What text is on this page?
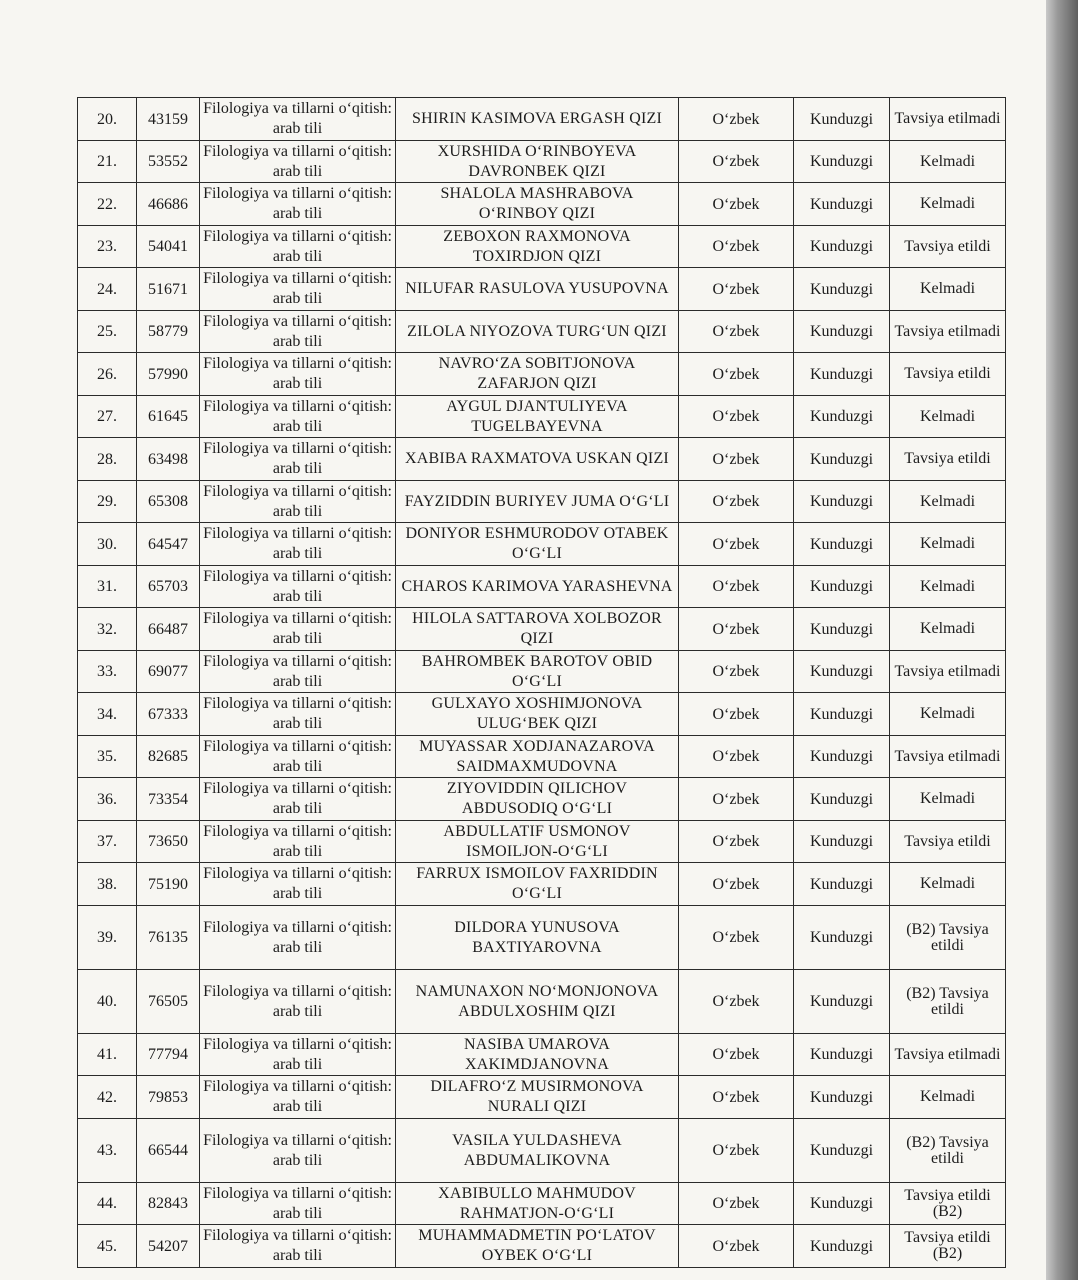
20.	43159	Filologiya va tillarni o‘qitish: arab tili	SHIRIN KASIMOVA ERGASH QIZI	O‘zbek	Kunduzgi	Tavsiya etilmadi
21.	53552	Filologiya va tillarni o‘qitish: arab tili	XURSHIDA O‘RINBOYEVA DAVRONBEK QIZI	O‘zbek	Kunduzgi	Kelmadi
22.	46686	Filologiya va tillarni o‘qitish: arab tili	SHALOLA MASHRABOVA O‘RINBOY QIZI	O‘zbek	Kunduzgi	Kelmadi
23.	54041	Filologiya va tillarni o‘qitish: arab tili	ZEBOXON RAXMONOVA TOXIRDJON QIZI	O‘zbek	Kunduzgi	Tavsiya etildi
24.	51671	Filologiya va tillarni o‘qitish: arab tili	NILUFAR RASULOVA YUSUPOVNA	O‘zbek	Kunduzgi	Kelmadi
25.	58779	Filologiya va tillarni o‘qitish: arab tili	ZILOLA NIYOZOVA TURG‘UN QIZI	O‘zbek	Kunduzgi	Tavsiya etilmadi
26.	57990	Filologiya va tillarni o‘qitish: arab tili	NAVRO‘ZA SOBITJONOVA ZAFARJON QIZI	O‘zbek	Kunduzgi	Tavsiya etildi
27.	61645	Filologiya va tillarni o‘qitish: arab tili	AYGUL DJANTULIYEVA TUGELBAYEVNA	O‘zbek	Kunduzgi	Kelmadi
28.	63498	Filologiya va tillarni o‘qitish: arab tili	XABIBA RAXMATOVA USKAN QIZI	O‘zbek	Kunduzgi	Tavsiya etildi
29.	65308	Filologiya va tillarni o‘qitish: arab tili	FAYZIDDIN BURIYEV JUMA O‘G‘LI	O‘zbek	Kunduzgi	Kelmadi
30.	64547	Filologiya va tillarni o‘qitish: arab tili	DONIYOR ESHMURODOV OTABEK O‘G‘LI	O‘zbek	Kunduzgi	Kelmadi
31.	65703	Filologiya va tillarni o‘qitish: arab tili	CHAROS KARIMOVA YARASHEVNA	O‘zbek	Kunduzgi	Kelmadi
32.	66487	Filologiya va tillarni o‘qitish: arab tili	HILOLA SATTAROVA XOLBOZOR QIZI	O‘zbek	Kunduzgi	Kelmadi
33.	69077	Filologiya va tillarni o‘qitish: arab tili	BAHROMBEK BAROTOV OBID O‘G‘LI	O‘zbek	Kunduzgi	Tavsiya etilmadi
34.	67333	Filologiya va tillarni o‘qitish: arab tili	GULXAYO XOSHIMJONOVA ULUG‘BEK QIZI	O‘zbek	Kunduzgi	Kelmadi
35.	82685	Filologiya va tillarni o‘qitish: arab tili	MUYASSAR XODJANAZAROVA SAIDMAXMUDOVNA	O‘zbek	Kunduzgi	Tavsiya etilmadi
36.	73354	Filologiya va tillarni o‘qitish: arab tili	ZIYOVIDDIN QILICHOV ABDUSODIQ O‘G‘LI	O‘zbek	Kunduzgi	Kelmadi
37.	73650	Filologiya va tillarni o‘qitish: arab tili	ABDULLATIF USMONOV ISMOILJON-O‘G‘LI	O‘zbek	Kunduzgi	Tavsiya etildi
38.	75190	Filologiya va tillarni o‘qitish: arab tili	FARRUX ISMOILOV FAXRIDDIN O‘G‘LI	O‘zbek	Kunduzgi	Kelmadi
39.	76135	Filologiya va tillarni o‘qitish: arab tili	DILDORA YUNUSOVA BAXTIYAROVNA	O‘zbek	Kunduzgi	(B2) Tavsiya etildi
40.	76505	Filologiya va tillarni o‘qitish: arab tili	NAMUNAXON NO‘MONJONOVA ABDULXOSHIM QIZI	O‘zbek	Kunduzgi	(B2) Tavsiya etildi
41.	77794	Filologiya va tillarni o‘qitish: arab tili	NASIBA UMAROVA XAKIMDJANOVNA	O‘zbek	Kunduzgi	Tavsiya etilmadi
42.	79853	Filologiya va tillarni o‘qitish: arab tili	DILAFRO‘Z MUSIRMONOVA NURALI QIZI	O‘zbek	Kunduzgi	Kelmadi
43.	66544	Filologiya va tillarni o‘qitish: arab tili	VASILA YULDASHEVA ABDUMALIKOVNA	O‘zbek	Kunduzgi	(B2) Tavsiya etildi
44.	82843	Filologiya va tillarni o‘qitish: arab tili	XABIBULLO MAHMUDOV RAHMATJON-O‘G‘LI	O‘zbek	Kunduzgi	Tavsiya etildi (B2)
45.	54207	Filologiya va tillarni o‘qitish: arab tili	MUHAMMADMETIN PO‘LATOV OYBEK O‘G‘LI	O‘zbek	Kunduzgi	Tavsiya etildi (B2)
